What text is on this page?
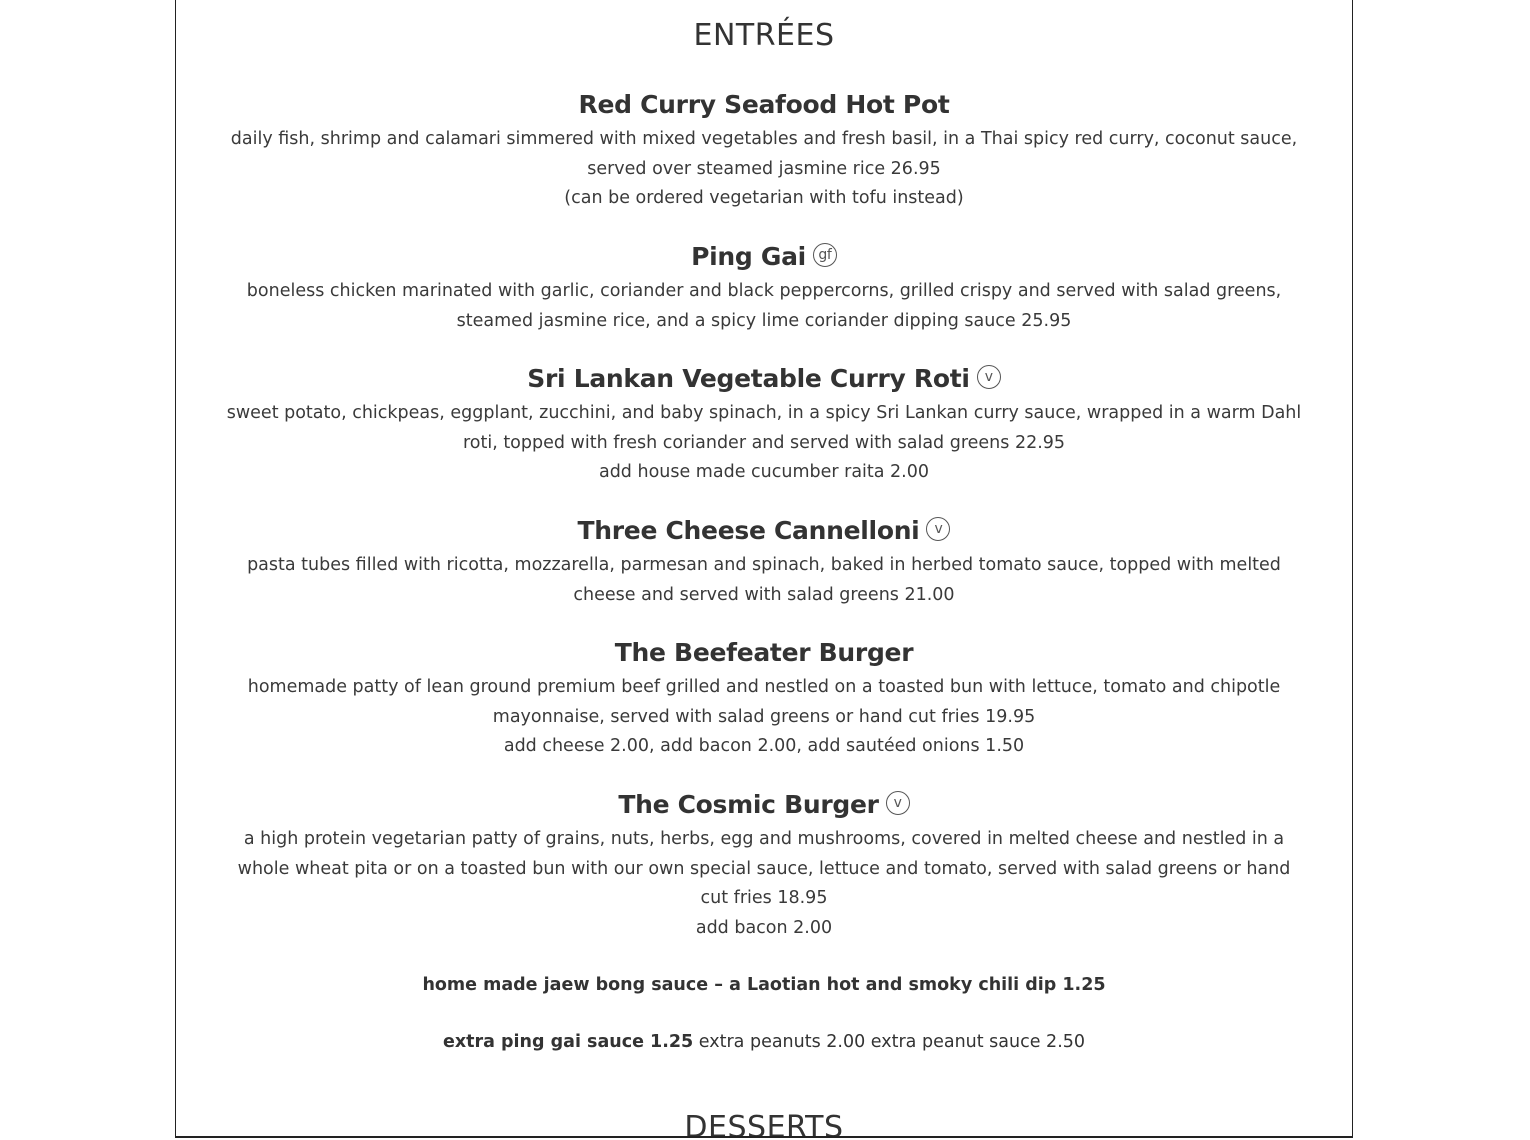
ENTRÉES
Red Curry Seafood Hot Pot

daily fish, shrimp and calamari simmered with mixed vegetables and fresh basil, in a Thai spicy red curry, coconut sauce, served over steamed jasmine rice 26.95

(can be ordered vegetarian with tofu instead)

Ping Gai gf

boneless chicken marinated with garlic, coriander and black peppercorns, grilled crispy and served with salad greens, steamed jasmine rice, and a spicy lime coriander dipping sauce 25.95

Sri Lankan Vegetable Curry Roti	v

sweet potato, chickpeas, eggplant, zucchini, and baby spinach, in a spicy Sri Lankan curry sauce, wrapped in a warm Dahl roti, topped with fresh coriander and served with salad greens 22.95

add house made cucumber raita 2.00

Three Cheese Cannelloni	v

pasta tubes filled with ricotta, mozzarella, parmesan and spinach, baked in herbed tomato sauce, topped with melted cheese and served with salad greens 21.00

The Beefeater Burger

homemade patty of lean ground premium beef grilled and nestled on a toasted bun with lettuce, tomato and chipotle mayonnaise, served with salad greens or hand cut fries 19.95

add cheese 2.00, add bacon 2.00, add sautéed onions 1.50

The Cosmic Burger	v

a high protein vegetarian patty of grains, nuts, herbs, egg and mushrooms, covered in melted cheese and nestled in a whole wheat pita or on a toasted bun with our own special sauce, lettuce and tomato, served with salad greens or hand cut fries 18.95

add bacon 2.00

home made jaew bong sauce – a Laotian hot and smoky chili dip 1.25
extra ping gai sauce 1.25 extra peanuts 2.00 extra peanut sauce 2.50
DESSERTS
